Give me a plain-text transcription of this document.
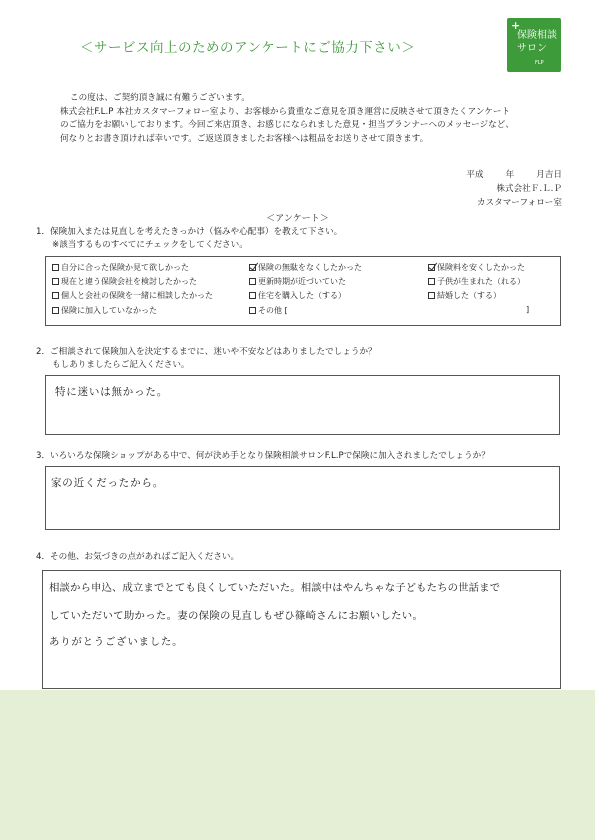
＜サービス向上のためのアンケートにご協力下さい＞
+
保険相談
サロン
FLP

この度は、ご契約頂き誠に有難うございます。

株式会社F.L.P 本社カスタマーフォロー室より、お客様から貴重なご意見を頂き運営に反映させて頂きたくアンケート

のご協力をお願いしております。今回ご来店頂き、お感じになられました意見・担当プランナーへのメッセージなど、

何なりとお書き頂ければ幸いです。ご返送頂きましたお客様へは粗品をお送りさせて頂きます。

平成	年	月吉日
株式会社Ｆ.Ｌ.Ｐ
カスタマーフォロー室
＜アンケート＞
1．保険加入または見直しを考えたきっかけ（悩みや心配事）を教えて下さい。
※該当するものすべてにチェックをしてください。
自分に合った保険か見て欲しかった	保険の無駄をなくしたかった	保険料を安くしたかった
現在と違う保険会社を検討したかった	更新時期が近づいていた	子供が生まれた（れる）
個人と会社の保険を一緒に相談したかった	住宅を購入した（する）	結婚した（する）
保険に加入していなかった	その他 [	]
2．ご相談されて保険加入を決定するまでに、迷いや不安などはありましたでしょうか？
もしありましたらご記入ください。
特に迷いは無かった。
3．いろいろな保険ショップがある中で、何が決め手となり保険相談サロンF.L.Pで保険に加入されましたでしょうか？
家の近くだったから。
4．その他、お気づきの点があればご記入ください。
相談から申込、成立までとても良くしていただいた。相談中はやんちゃな子どもたちの世話まで
していただいて助かった。妻の保険の見直しもぜひ篠崎さんにお願いしたい。
ありがとうございました。
